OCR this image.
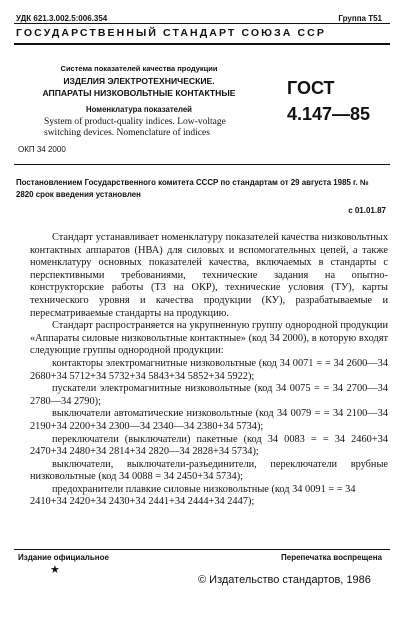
УДК 621.3.002.5:006.354	Группа Т51
ГОСУДАРСТВЕННЫЙ СТАНДАРТ СОЮЗА ССР
Система показателей качества продукции
ИЗДЕЛИЯ ЭЛЕКТРОТЕХНИЧЕСКИЕ.
АППАРАТЫ НИЗКОВОЛЬТНЫЕ КОНТАКТНЫЕ
Номенклатура показателей
System of product-quality indices. Low-voltage
switching devices. Nomenclature of indices
ГОСТ
4.147—85
ОКП 34 2000
Постановлением Государственного комитета СССР по стандартам от 29 августа 1985 г. № 2820 срок введения установлен
с 01.01.87

Стандарт устанавливает номенклатуру показателей качества низковольтных контактных аппаратов (НВА) для силовых и вспомогательных цепей, а также номенклатуру основных показателей качества, включаемых в стандарты с перспективными требованиями, технические задания на опытно-конструкторские работы (ТЗ на ОКР), технические условия (ТУ), карты технического уровня и качества продукции (КУ), разрабатываемые и пересматриваемые стандарты на продукцию.

Стандарт распространяется на укрупненную группу однородной продукции «Аппараты силовые низковольтные контактные» (код 34 2000), в которую входят следующие группы однородной продукции:

контакторы электромагнитные низковольтные (код 34 0071 = = 34 2600—34 2680+34 5712+34 5732+34 5843+34 5852+34 5922);

пускатели электромагнитные низковольтные (код 34 0075 = = 34 2700—34 2780—34 2790);

выключатели автоматические низковольтные (код 34 0079 = = 34 2100—34 2190+34 2200+34 2300—34 2340—34 2380+34 5734);

переключатели (выключатели) пакетные (код 34 0083 = = 34 2460+34 2470+34 2480+34 2814+34 2820—34 2828+34 5734);

выключатели, выключатели-разъединители, переключатели врубные низковольтные (код 34 0088 = 34 2450+34 5734);

предохранители плавкие силовые низковольтные (код 34 0091 = = 34 2410+34 2420+34 2430+34 2441+34 2444+34 2447);

Издание официальное	Перепечатка воспрещена
★
© Издательство стандартов, 1986
